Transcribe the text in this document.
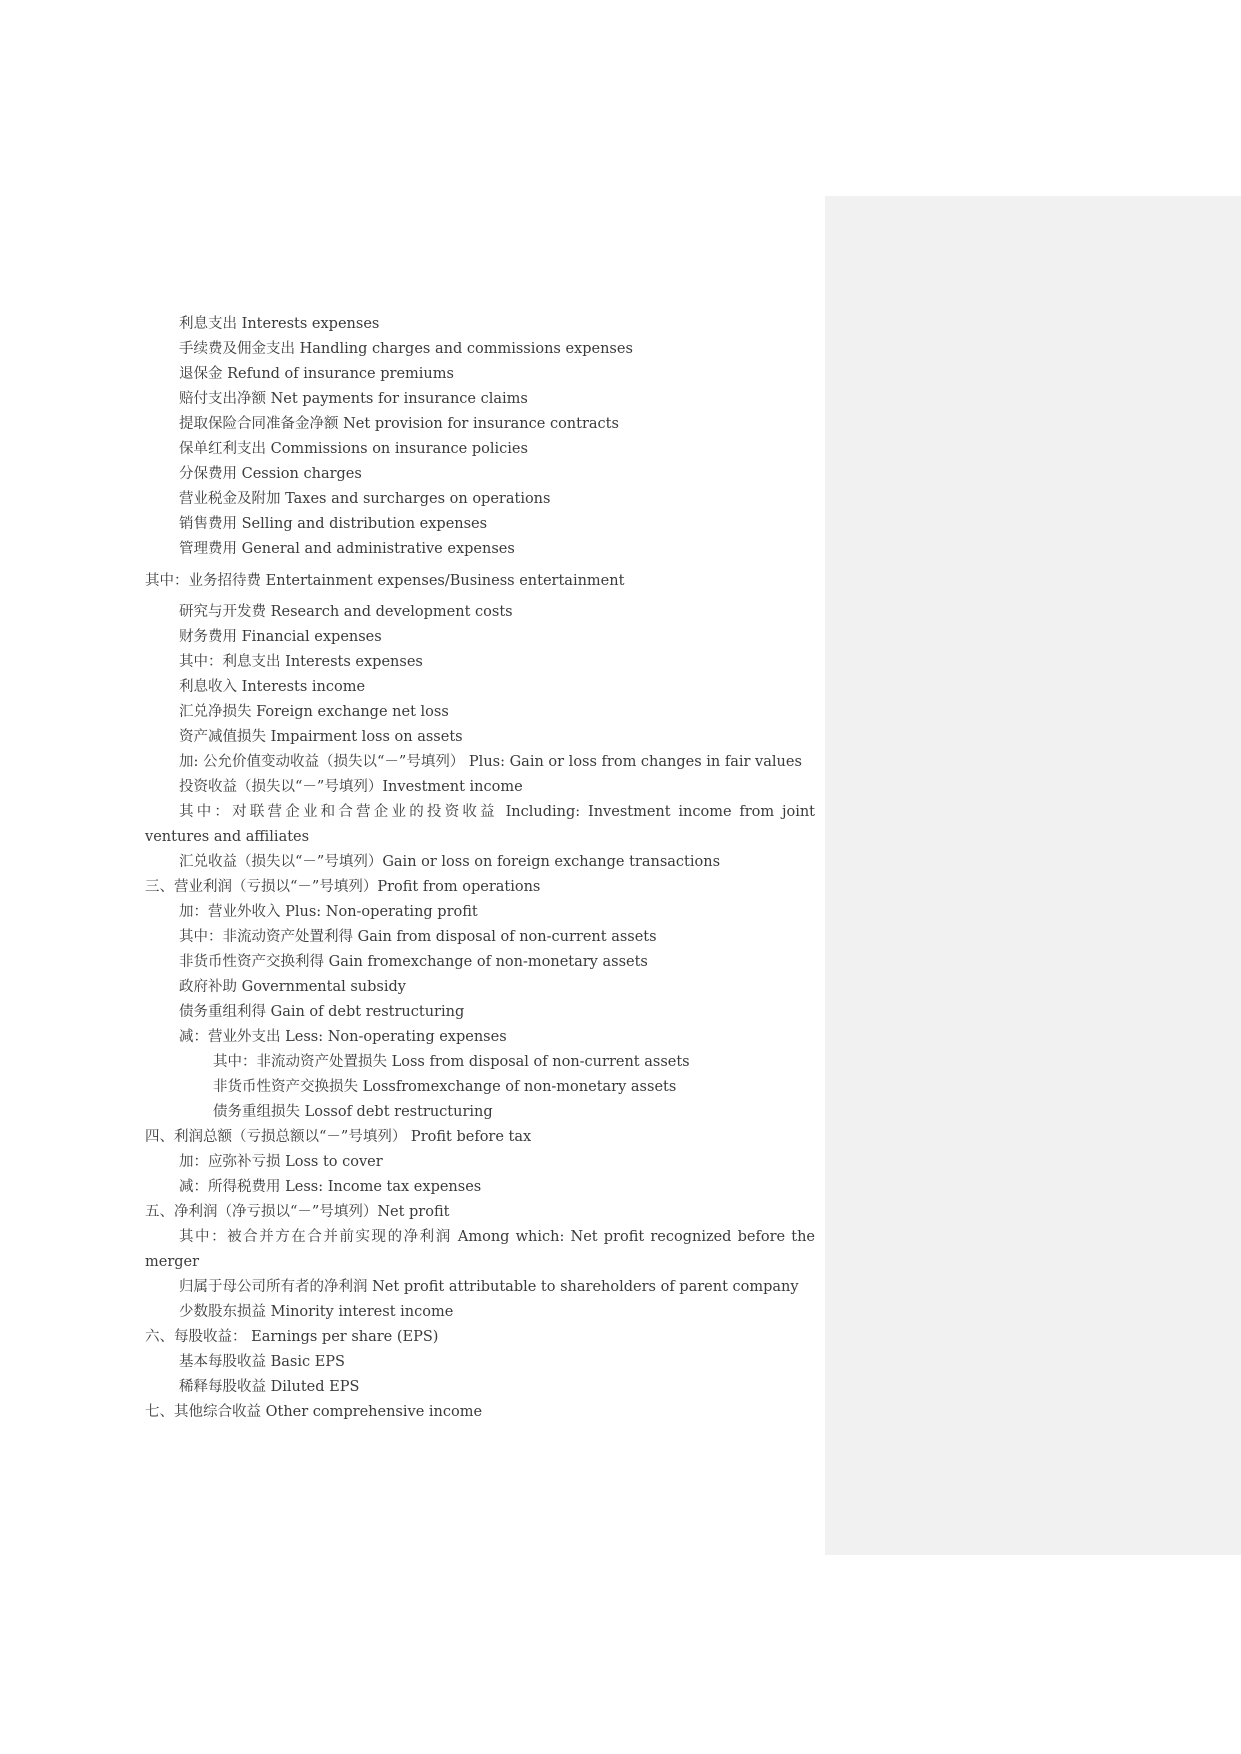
利息支出 Interests expenses
手续费及佣金支出 Handling charges and commissions expenses
退保金 Refund of insurance premiums
赔付支出净额 Net payments for insurance claims
提取保险合同准备金净额 Net provision for insurance contracts
保单红利支出 Commissions on insurance policies
分保费用 Cession charges
营业税金及附加 Taxes and surcharges on operations
销售费用 Selling and distribution expenses
管理费用 General and administrative expenses
其中：业务招待费 Entertainment expenses/Business entertainment
研究与开发费 Research and development costs
财务费用 Financial expenses
其中：利息支出 Interests expenses
利息收入 Interests income
汇兑净损失 Foreign exchange net loss
资产减值损失 Impairment loss on assets
加: 公允价值变动收益（损失以“－”号填列） Plus: Gain or loss from changes in fair values
投资收益（损失以“－”号填列）Investment income
其中：对联营企业和合营企业的投资收益 Including: Investment income from joint
ventures and affiliates
汇兑收益（损失以“－”号填列）Gain or loss on foreign exchange transactions
三、营业利润（亏损以“－”号填列）Profit from operations
加：营业外收入 Plus: Non-operating profit
其中：非流动资产处置利得 Gain from disposal of non-current assets
非货币性资产交换利得 Gain fromexchange of non-monetary assets
政府补助 Governmental subsidy
债务重组利得 Gain of debt restructuring
减：营业外支出 Less: Non-operating expenses
其中：非流动资产处置损失 Loss from disposal of non-current assets
非货币性资产交换损失 Lossfromexchange of non-monetary assets
债务重组损失 Lossof debt restructuring
四、利润总额（亏损总额以“－”号填列） Profit before tax
加：应弥补亏损 Loss to cover
减：所得税费用 Less: Income tax expenses
五、净利润（净亏损以“－”号填列）Net profit
其中：被合并方在合并前实现的净利润 Among which: Net profit recognized before the
merger
归属于母公司所有者的净利润 Net profit attributable to shareholders of parent company
少数股东损益 Minority interest income
六、每股收益： Earnings per share (EPS)
基本每股收益 Basic EPS
稀释每股收益 Diluted EPS
七、其他综合收益 Other comprehensive income
